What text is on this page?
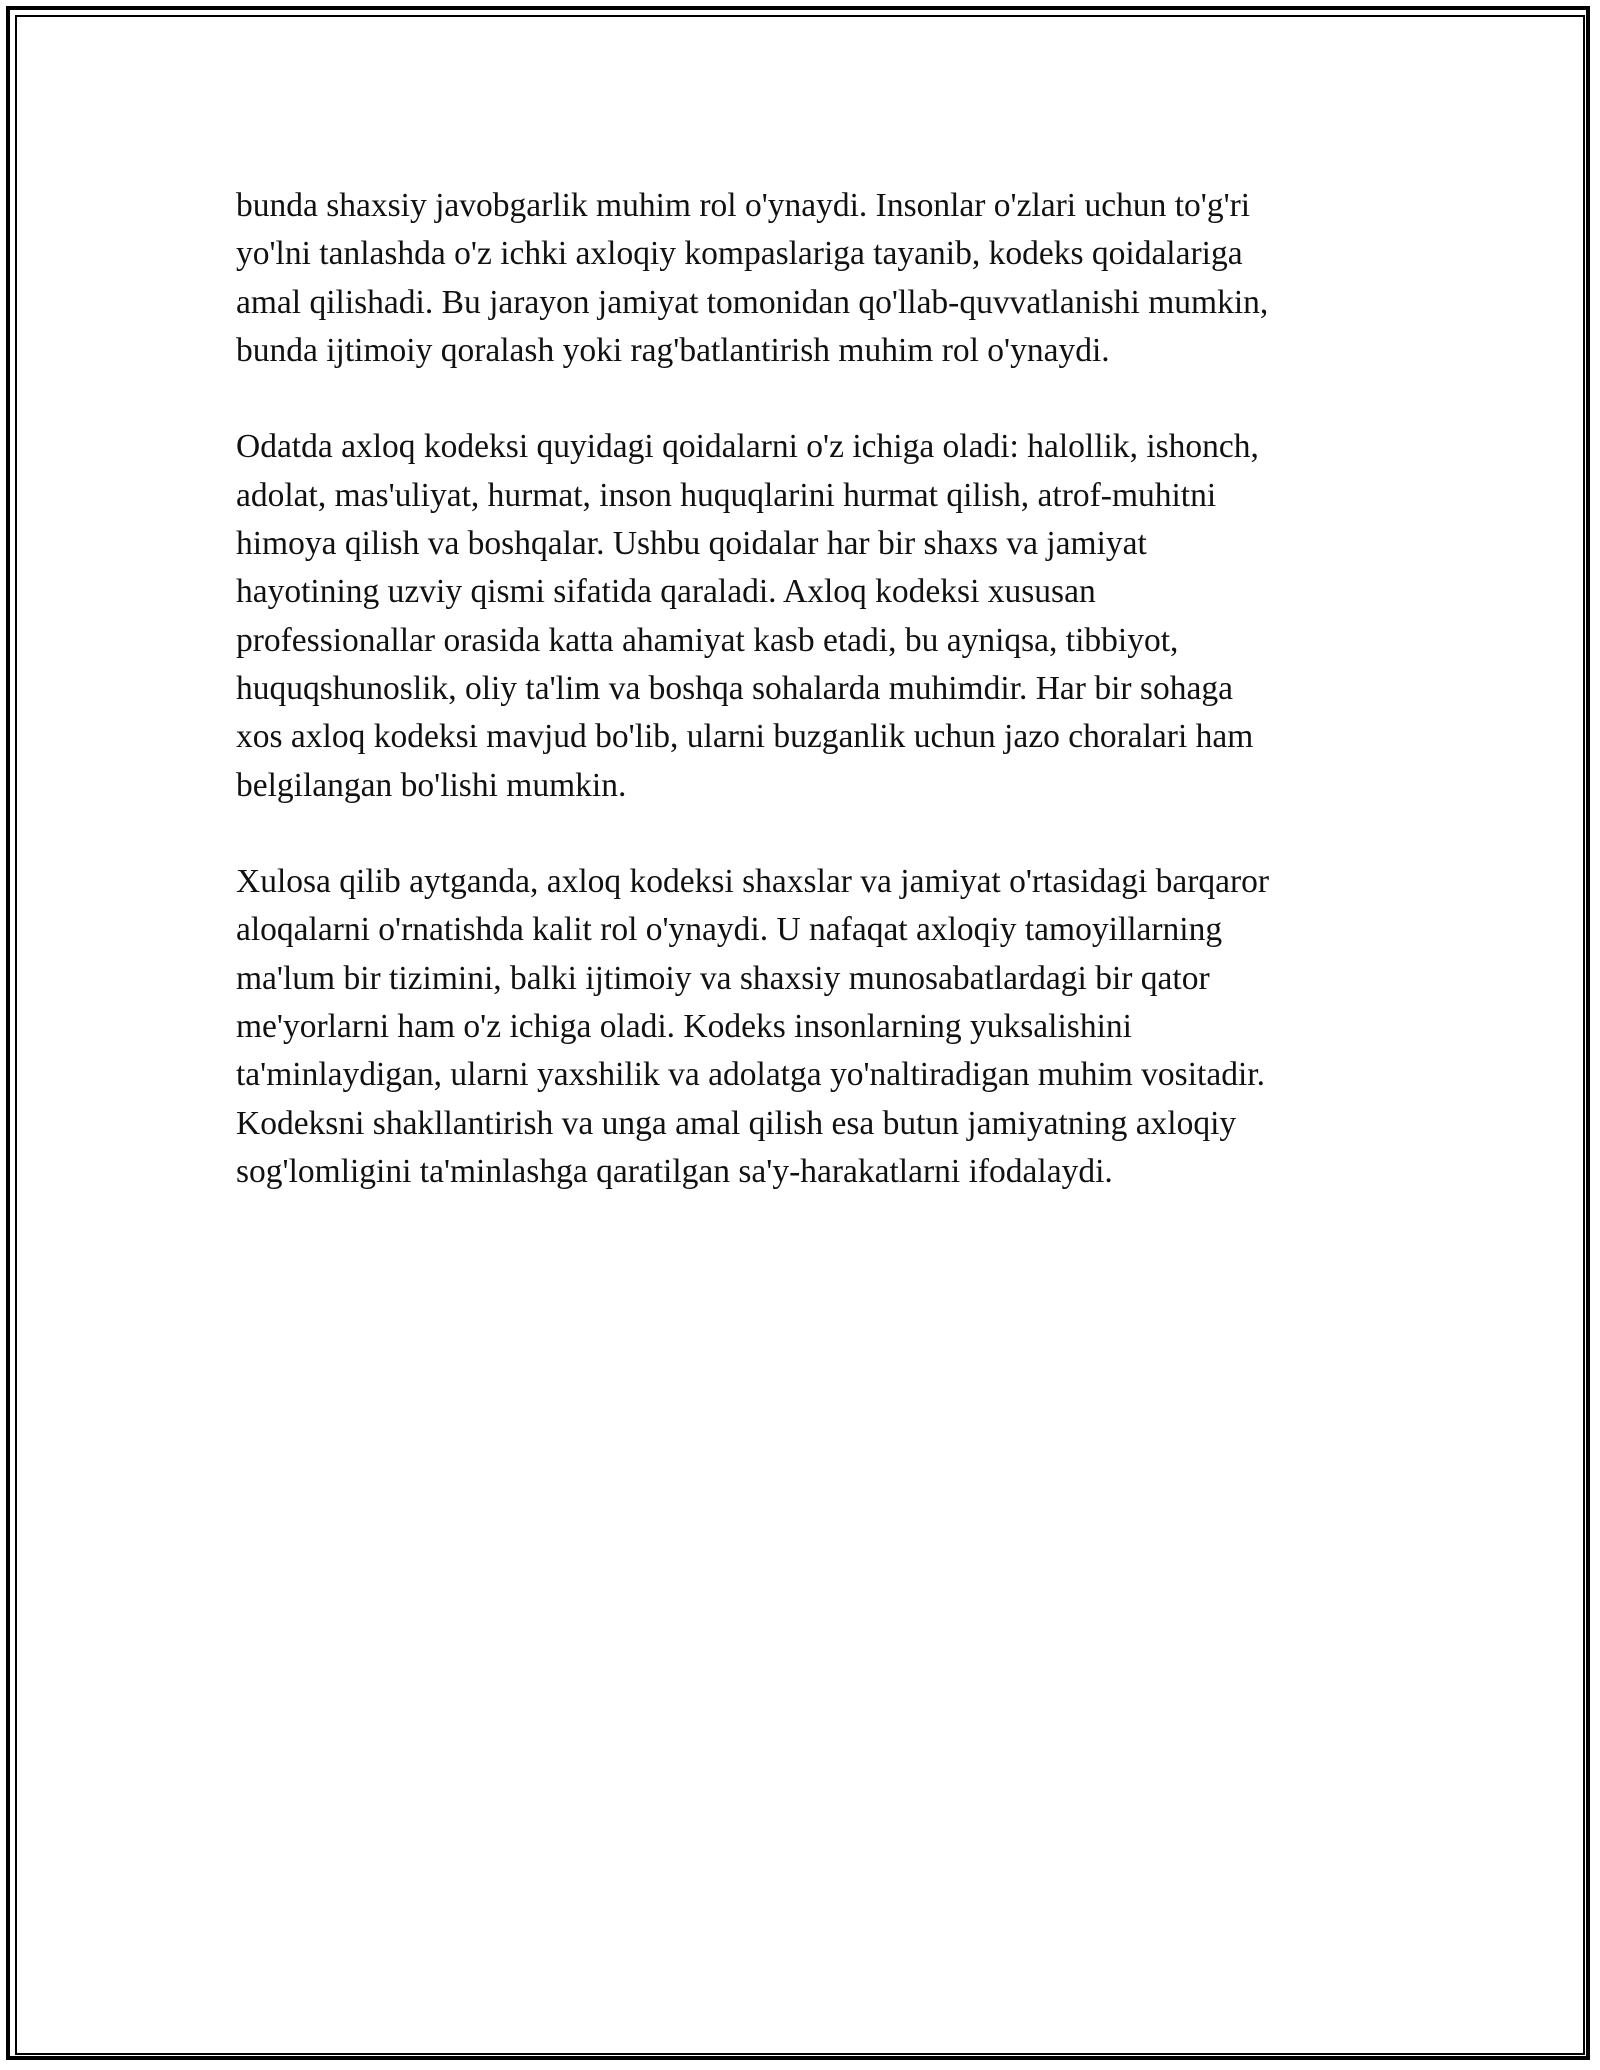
bunda shaxsiy javobgarlik muhim rol o'ynaydi. Insonlar o'zlari uchun to'g'ri
yo'lni tanlashda o'z ichki axloqiy kompaslariga tayanib, kodeks qoidalariga
amal qilishadi. Bu jarayon jamiyat tomonidan qo'llab-quvvatlanishi mumkin,
bunda ijtimoiy qoralash yoki rag'batlantirish muhim rol o'ynaydi.

Odatda axloq kodeksi quyidagi qoidalarni o'z ichiga oladi: halollik, ishonch,
adolat, mas'uliyat, hurmat, inson huquqlarini hurmat qilish, atrof-muhitni
himoya qilish va boshqalar. Ushbu qoidalar har bir shaxs va jamiyat
hayotining uzviy qismi sifatida qaraladi. Axloq kodeksi xususan
professionallar orasida katta ahamiyat kasb etadi, bu ayniqsa, tibbiyot,
huquqshunoslik, oliy ta'lim va boshqa sohalarda muhimdir. Har bir sohaga
xos axloq kodeksi mavjud bo'lib, ularni buzganlik uchun jazo choralari ham
belgilangan bo'lishi mumkin.

Xulosa qilib aytganda, axloq kodeksi shaxslar va jamiyat o'rtasidagi barqaror
aloqalarni o'rnatishda kalit rol o'ynaydi. U nafaqat axloqiy tamoyillarning
ma'lum bir tizimini, balki ijtimoiy va shaxsiy munosabatlardagi bir qator
me'yorlarni ham o'z ichiga oladi. Kodeks insonlarning yuksalishini
ta'minlaydigan, ularni yaxshilik va adolatga yo'naltiradigan muhim vositadir.
Kodeksni shakllantirish va unga amal qilish esa butun jamiyatning axloqiy
sog'lomligini ta'minlashga qaratilgan sa'y-harakatlarni ifodalaydi.
